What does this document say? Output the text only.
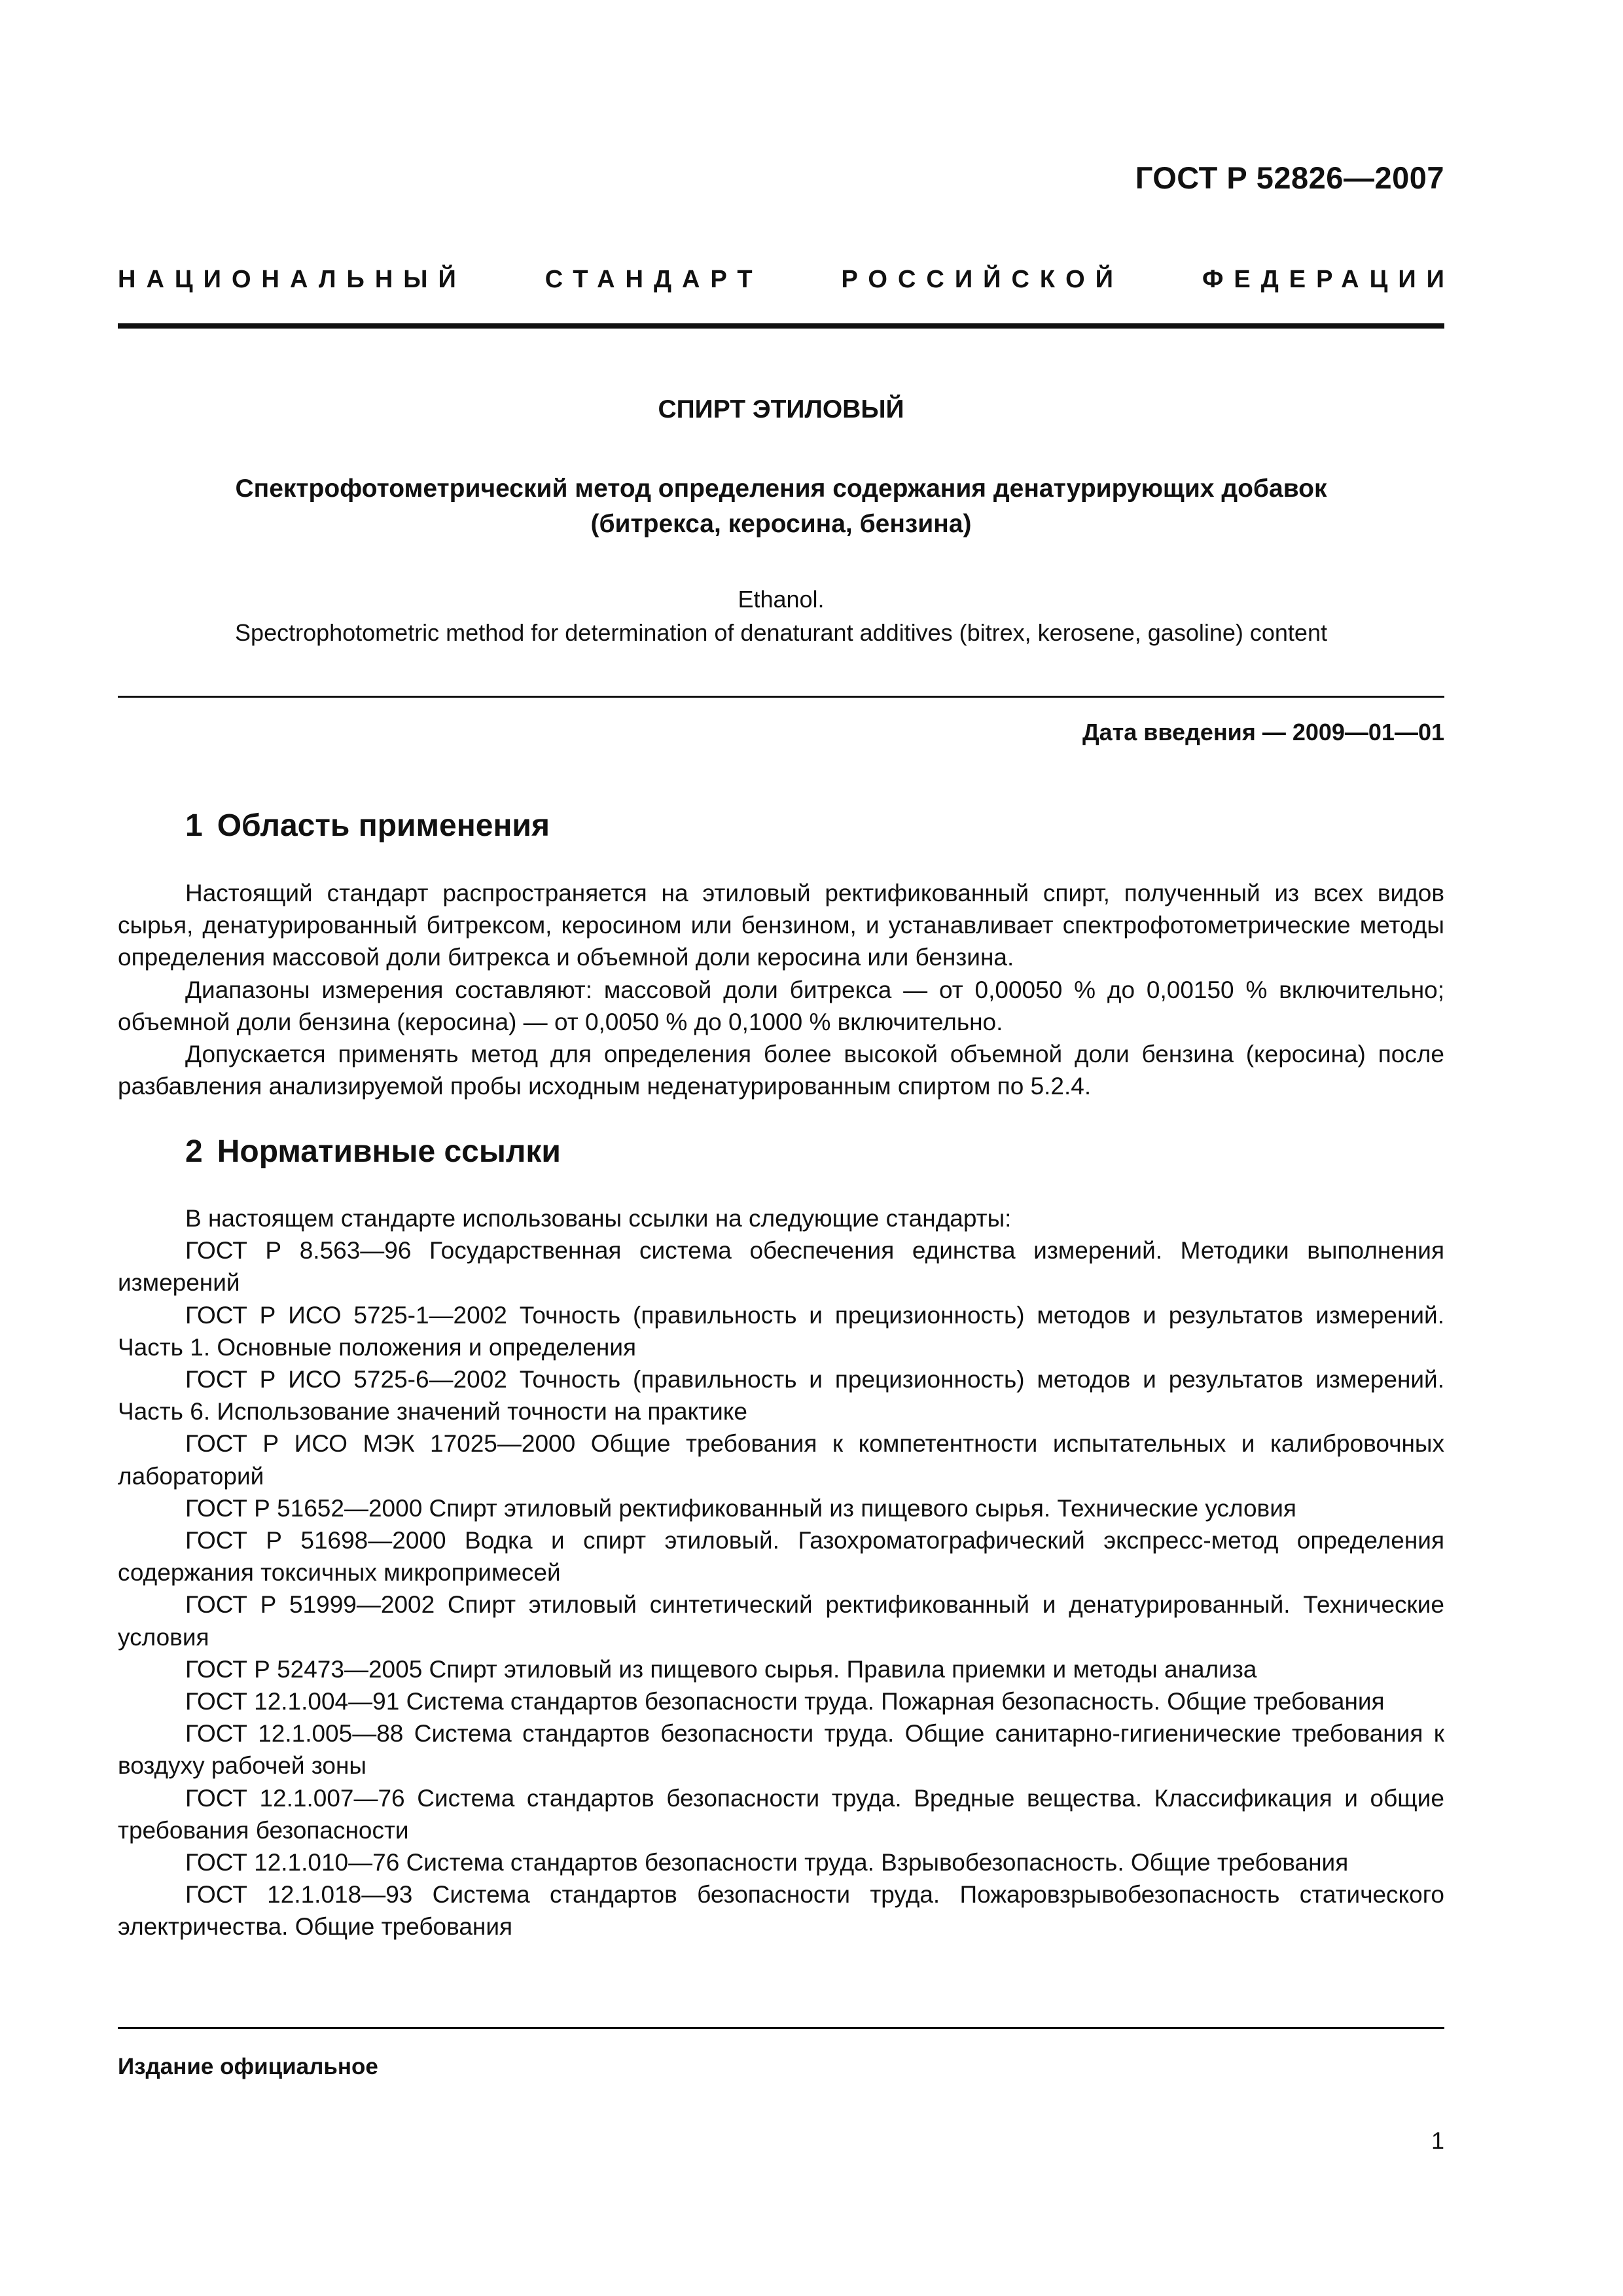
ГОСТ Р 52826—2007
НАЦИОНАЛЬНЫЙ	СТАНДАРТ	РОССИЙСКОЙ	ФЕДЕРАЦИИ
СПИРТ ЭТИЛОВЫЙ
Спектрофотометрический метод определения содержания денатурирующих добавок
(битрекса, керосина, бензина)
Ethanol.
Spectrophotometric method for determination of denaturant additives (bitrex, kerosene, gasoline) content
Дата введения — 2009—01—01
1 Область применения

Настоящий стандарт распространяется на этиловый ректификованный спирт, полученный из всех видов сырья, денатурированный битрексом, керосином или бензином, и устанавливает спектрофотометрические методы определения массовой доли битрекса и объемной доли керосина или бензина.

Диапазоны измерения составляют: массовой доли битрекса — от 0,00050 % до 0,00150 % включительно; объемной доли бензина (керосина) — от 0,0050 % до 0,1000 % включительно.

Допускается применять метод для определения более высокой объемной доли бензина (керосина) после разбавления анализируемой пробы исходным неденатурированным спиртом по 5.2.4.

2 Нормативные ссылки

В настоящем стандарте использованы ссылки на следующие стандарты:

ГОСТ Р 8.563—96 Государственная система обеспечения единства измерений. Методики выполнения измерений

ГОСТ Р ИСО 5725-1—2002 Точность (правильность и прецизионность) методов и результатов измерений. Часть 1. Основные положения и определения

ГОСТ Р ИСО 5725-6—2002 Точность (правильность и прецизионность) методов и результатов измерений. Часть 6. Использование значений точности на практике

ГОСТ Р ИСО МЭК 17025—2000 Общие требования к компетентности испытательных и калибровочных лабораторий

ГОСТ Р 51652—2000 Спирт этиловый ректификованный из пищевого сырья. Технические условия

ГОСТ Р 51698—2000 Водка и спирт этиловый. Газохроматографический экспресс-метод определения содержания токсичных микропримесей

ГОСТ Р 51999—2002 Спирт этиловый синтетический ректификованный и денатурированный. Технические условия

ГОСТ Р 52473—2005 Спирт этиловый из пищевого сырья. Правила приемки и методы анализа

ГОСТ 12.1.004—91 Система стандартов безопасности труда. Пожарная безопасность. Общие требования

ГОСТ 12.1.005—88 Система стандартов безопасности труда. Общие санитарно-гигиенические требования к воздуху рабочей зоны

ГОСТ 12.1.007—76 Система стандартов безопасности труда. Вредные вещества. Классификация и общие требования безопасности

ГОСТ 12.1.010—76 Система стандартов безопасности труда. Взрывобезопасность. Общие требования

ГОСТ 12.1.018—93 Система стандартов безопасности труда. Пожаровзрывобезопасность статического электричества. Общие требования

Издание официальное
1
